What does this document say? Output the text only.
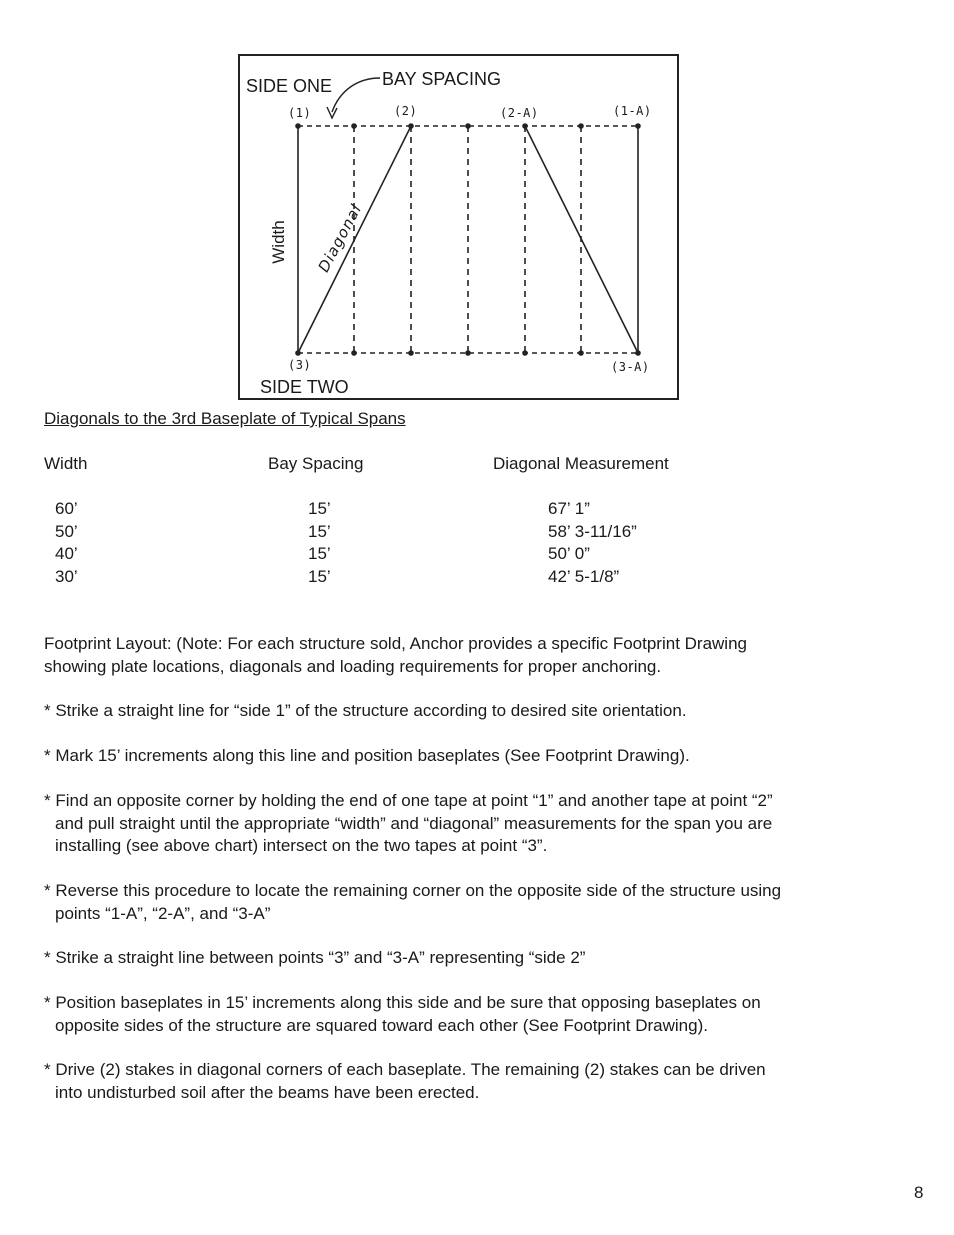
SIDE ONE	BAY SPACING
SIDE TWO
Width Diagonal
(1)	(2)	(2-A)	(1-A)
(3)	(3-A)
Diagonals to the 3rd Baseplate of Typical Spans
Width	Bay Spacing	Diagonal Measurement
60’	15’	67’ 1”
50’	15’	58’ 3-11/16”
40’	15’	50’ 0”
30’	15’	42’ 5-1/8”
Footprint Layout: (Note: For each structure sold, Anchor provides a specific Footprint Drawing
showing plate locations, diagonals and loading requirements for proper anchoring.
* Strike a straight line for “side 1” of the structure according to desired site orientation.
* Mark 15’ increments along this line and position baseplates (See Footprint Drawing).
* Find an opposite corner by holding the end of one tape at point “1” and another tape at point “2”
and pull straight until the appropriate “width” and “diagonal” measurements for the span you are
installing (see above chart) intersect on the two tapes at point “3”.
* Reverse this procedure to locate the remaining corner on the opposite side of the structure using
points “1-A”, “2-A”, and “3-A”
* Strike a straight line between points “3” and “3-A” representing “side 2”
* Position baseplates in 15’ increments along this side and be sure that opposing baseplates on
opposite sides of the structure are squared toward each other (See Footprint Drawing).
* Drive (2) stakes in diagonal corners of each baseplate. The remaining (2) stakes can be driven
into undisturbed soil after the beams have been erected.
8
